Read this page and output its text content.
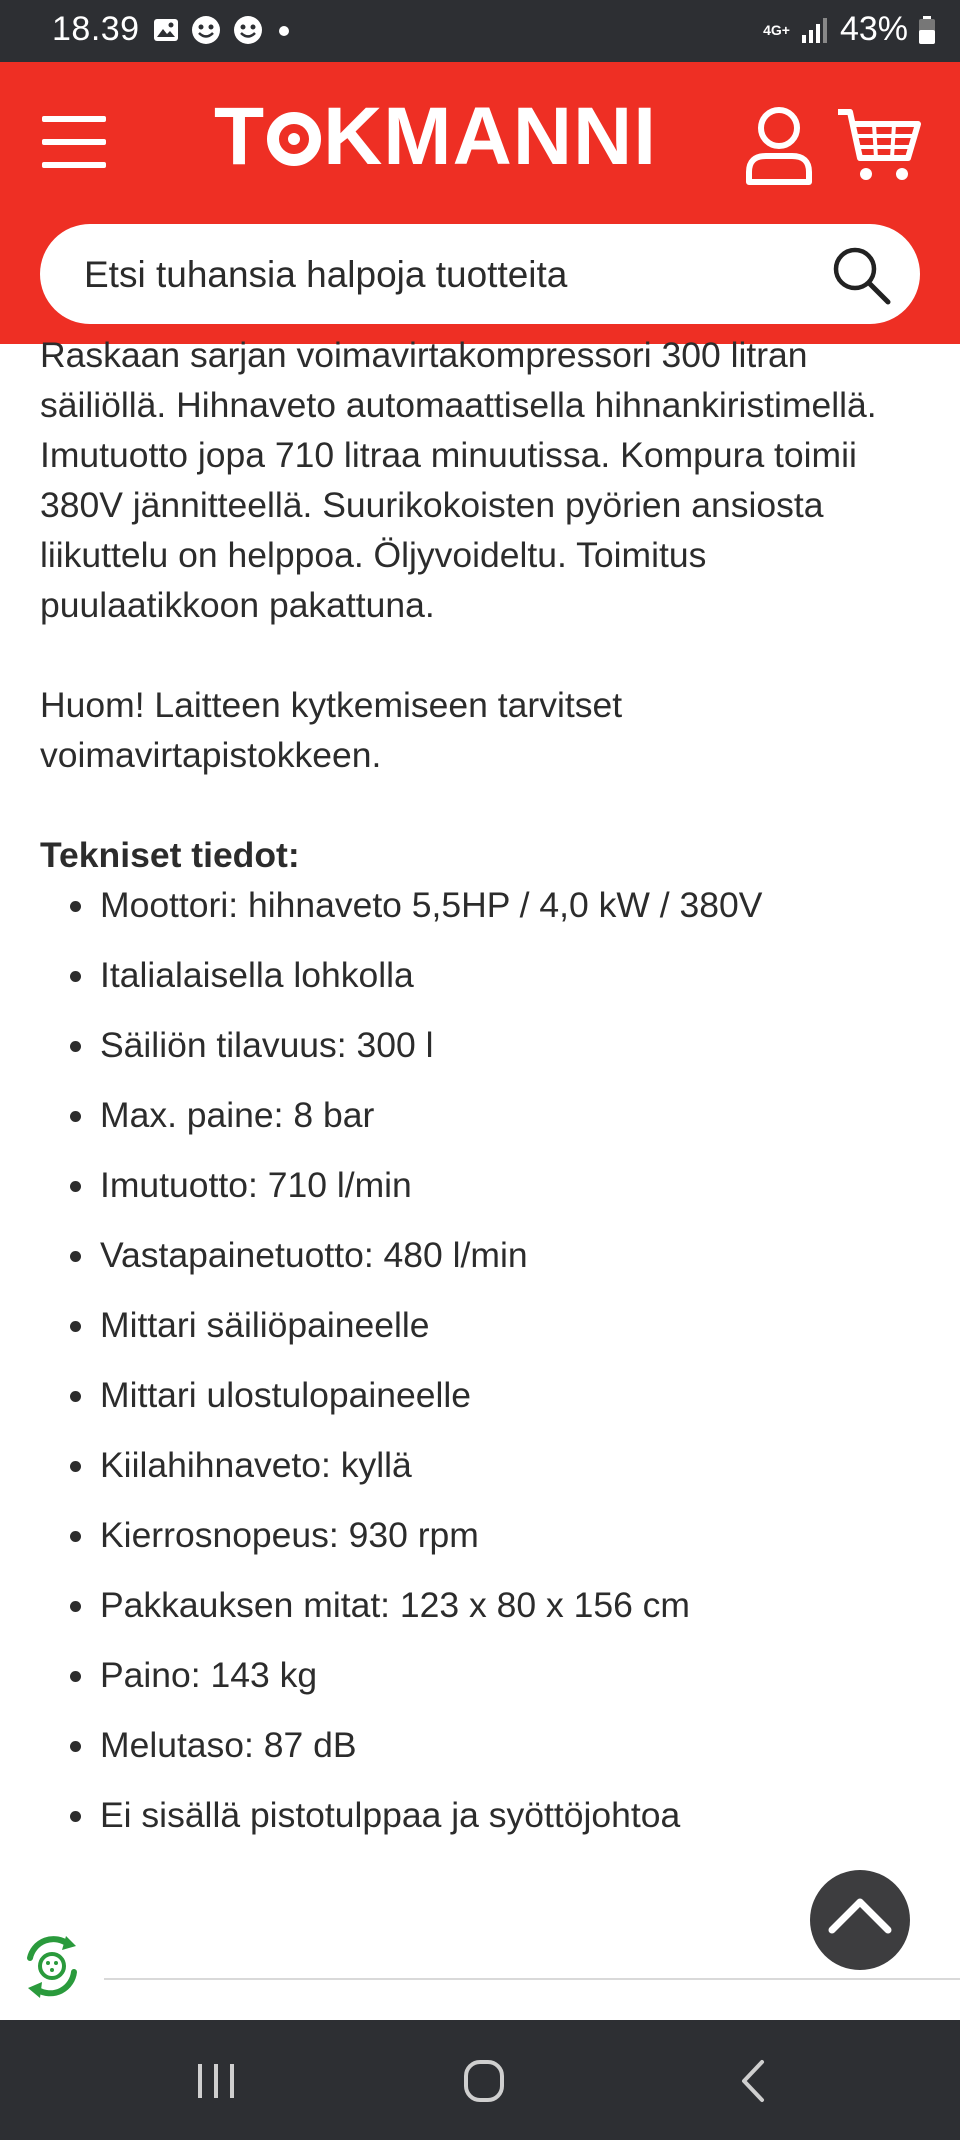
18.39	4G+ 43%
T KMANNI
Etsi tuhansia halpoja tuotteita

Raskaan sarjan voimavirtakompressori 300 litran säiliöllä. Hihnaveto automaattisella hihnankiristimellä. Imutuotto jopa 710 litraa minuutissa. Kompura toimii 380V jännitteellä. Suurikokoisten pyörien ansiosta liikuttelu on helppoa. Öljyvoideltu. Toimitus puulaatikkoon pakattuna.

Huom! Laitteen kytkemiseen tarvitset voimavirtapistokkeen.

Tekniset tiedot:

Moottori: hihnaveto 5,5HP / 4,0 kW / 380V
Italialaisella lohkolla
Säiliön tilavuus: 300 l
Max. paine: 8 bar
Imutuotto: 710 l/min
Vastapainetuotto: 480 l/min
Mittari säiliöpaineelle
Mittari ulostulopaineelle
Kiilahihnaveto: kyllä
Kierrosnopeus: 930 rpm
Pakkauksen mitat: 123 x 80 x 156 cm
Paino: 143 kg
Melutaso: 87 dB
Ei sisällä pistotulppaa ja syöttöjohtoa
